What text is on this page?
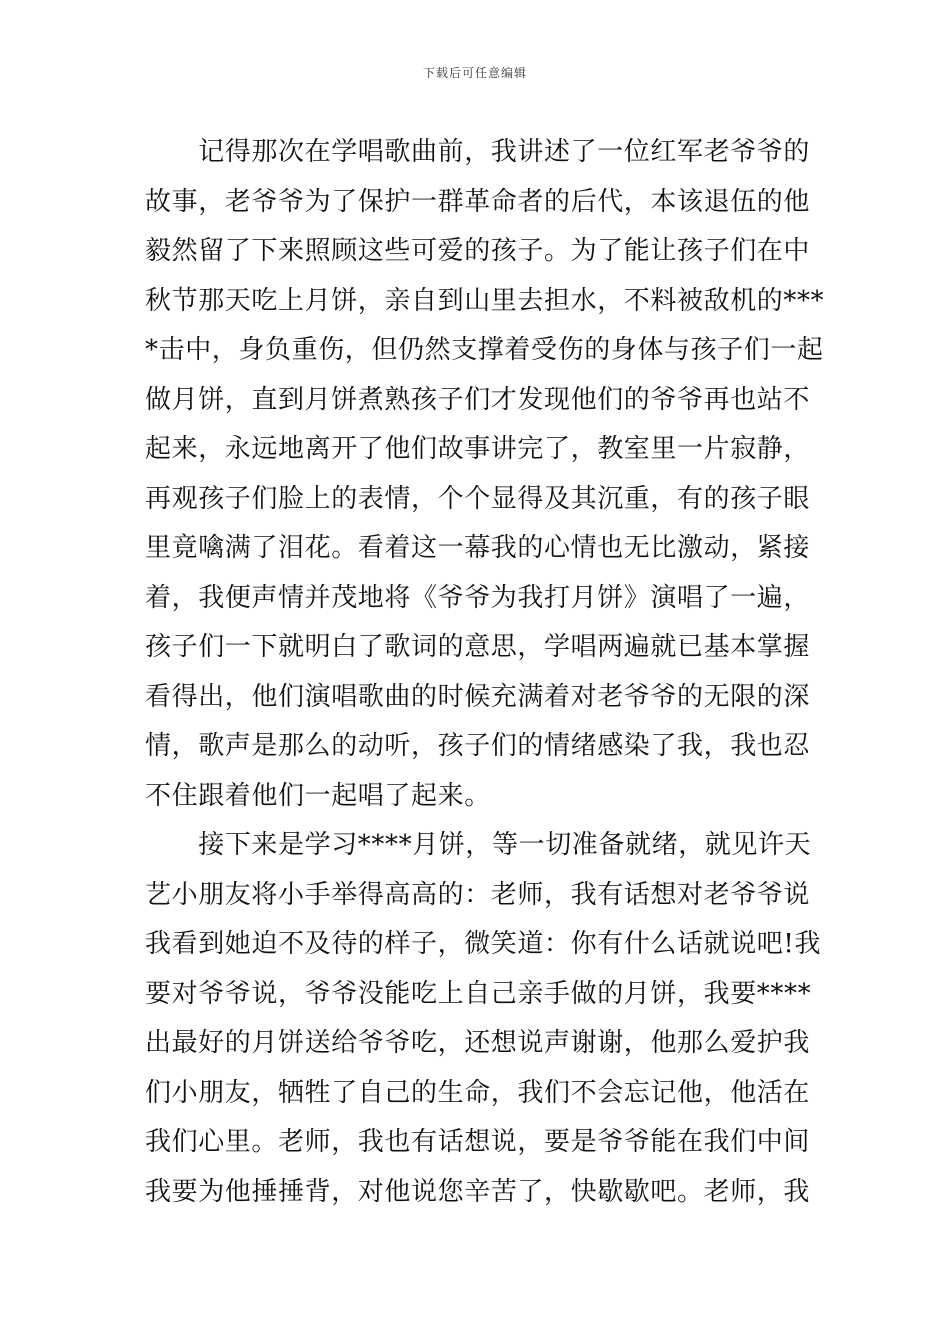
下载后可任意编辑
　　记得那次在学唱歌曲前，我讲述了一位红军老爷爷的
故事，老爷爷为了保护一群革命者的后代，本该退伍的他
毅然留了下来照顾这些可爱的孩子。为了能让孩子们在中
秋节那天吃上月饼，亲自到山里去担水，不料被敌机的***
*击中，身负重伤，但仍然支撑着受伤的身体与孩子们一起
做月饼，直到月饼煮熟孩子们才发现他们的爷爷再也站不
起来，永远地离开了他们故事讲完了，教室里一片寂静，
再观孩子们脸上的表情，个个显得及其沉重，有的孩子眼
里竟噙满了泪花。看着这一幕我的心情也无比激动，紧接
着，我便声情并茂地将《爷爷为我打月饼》演唱了一遍，
孩子们一下就明白了歌词的意思，学唱两遍就已基本掌握
看得出，他们演唱歌曲的时候充满着对老爷爷的无限的深
情，歌声是那么的动听，孩子们的情绪感染了我，我也忍
不住跟着他们一起唱了起来。
　　接下来是学习****月饼，等一切准备就绪，就见许天
艺小朋友将小手举得高高的：老师，我有话想对老爷爷说
我看到她迫不及待的样子，微笑道：你有什么话就说吧!我
要对爷爷说，爷爷没能吃上自己亲手做的月饼，我要****
出最好的月饼送给爷爷吃，还想说声谢谢，他那么爱护我
们小朋友，牺牲了自己的生命，我们不会忘记他，他活在
我们心里。老师，我也有话想说，要是爷爷能在我们中间
我要为他捶捶背，对他说您辛苦了，快歇歇吧。老师，我
